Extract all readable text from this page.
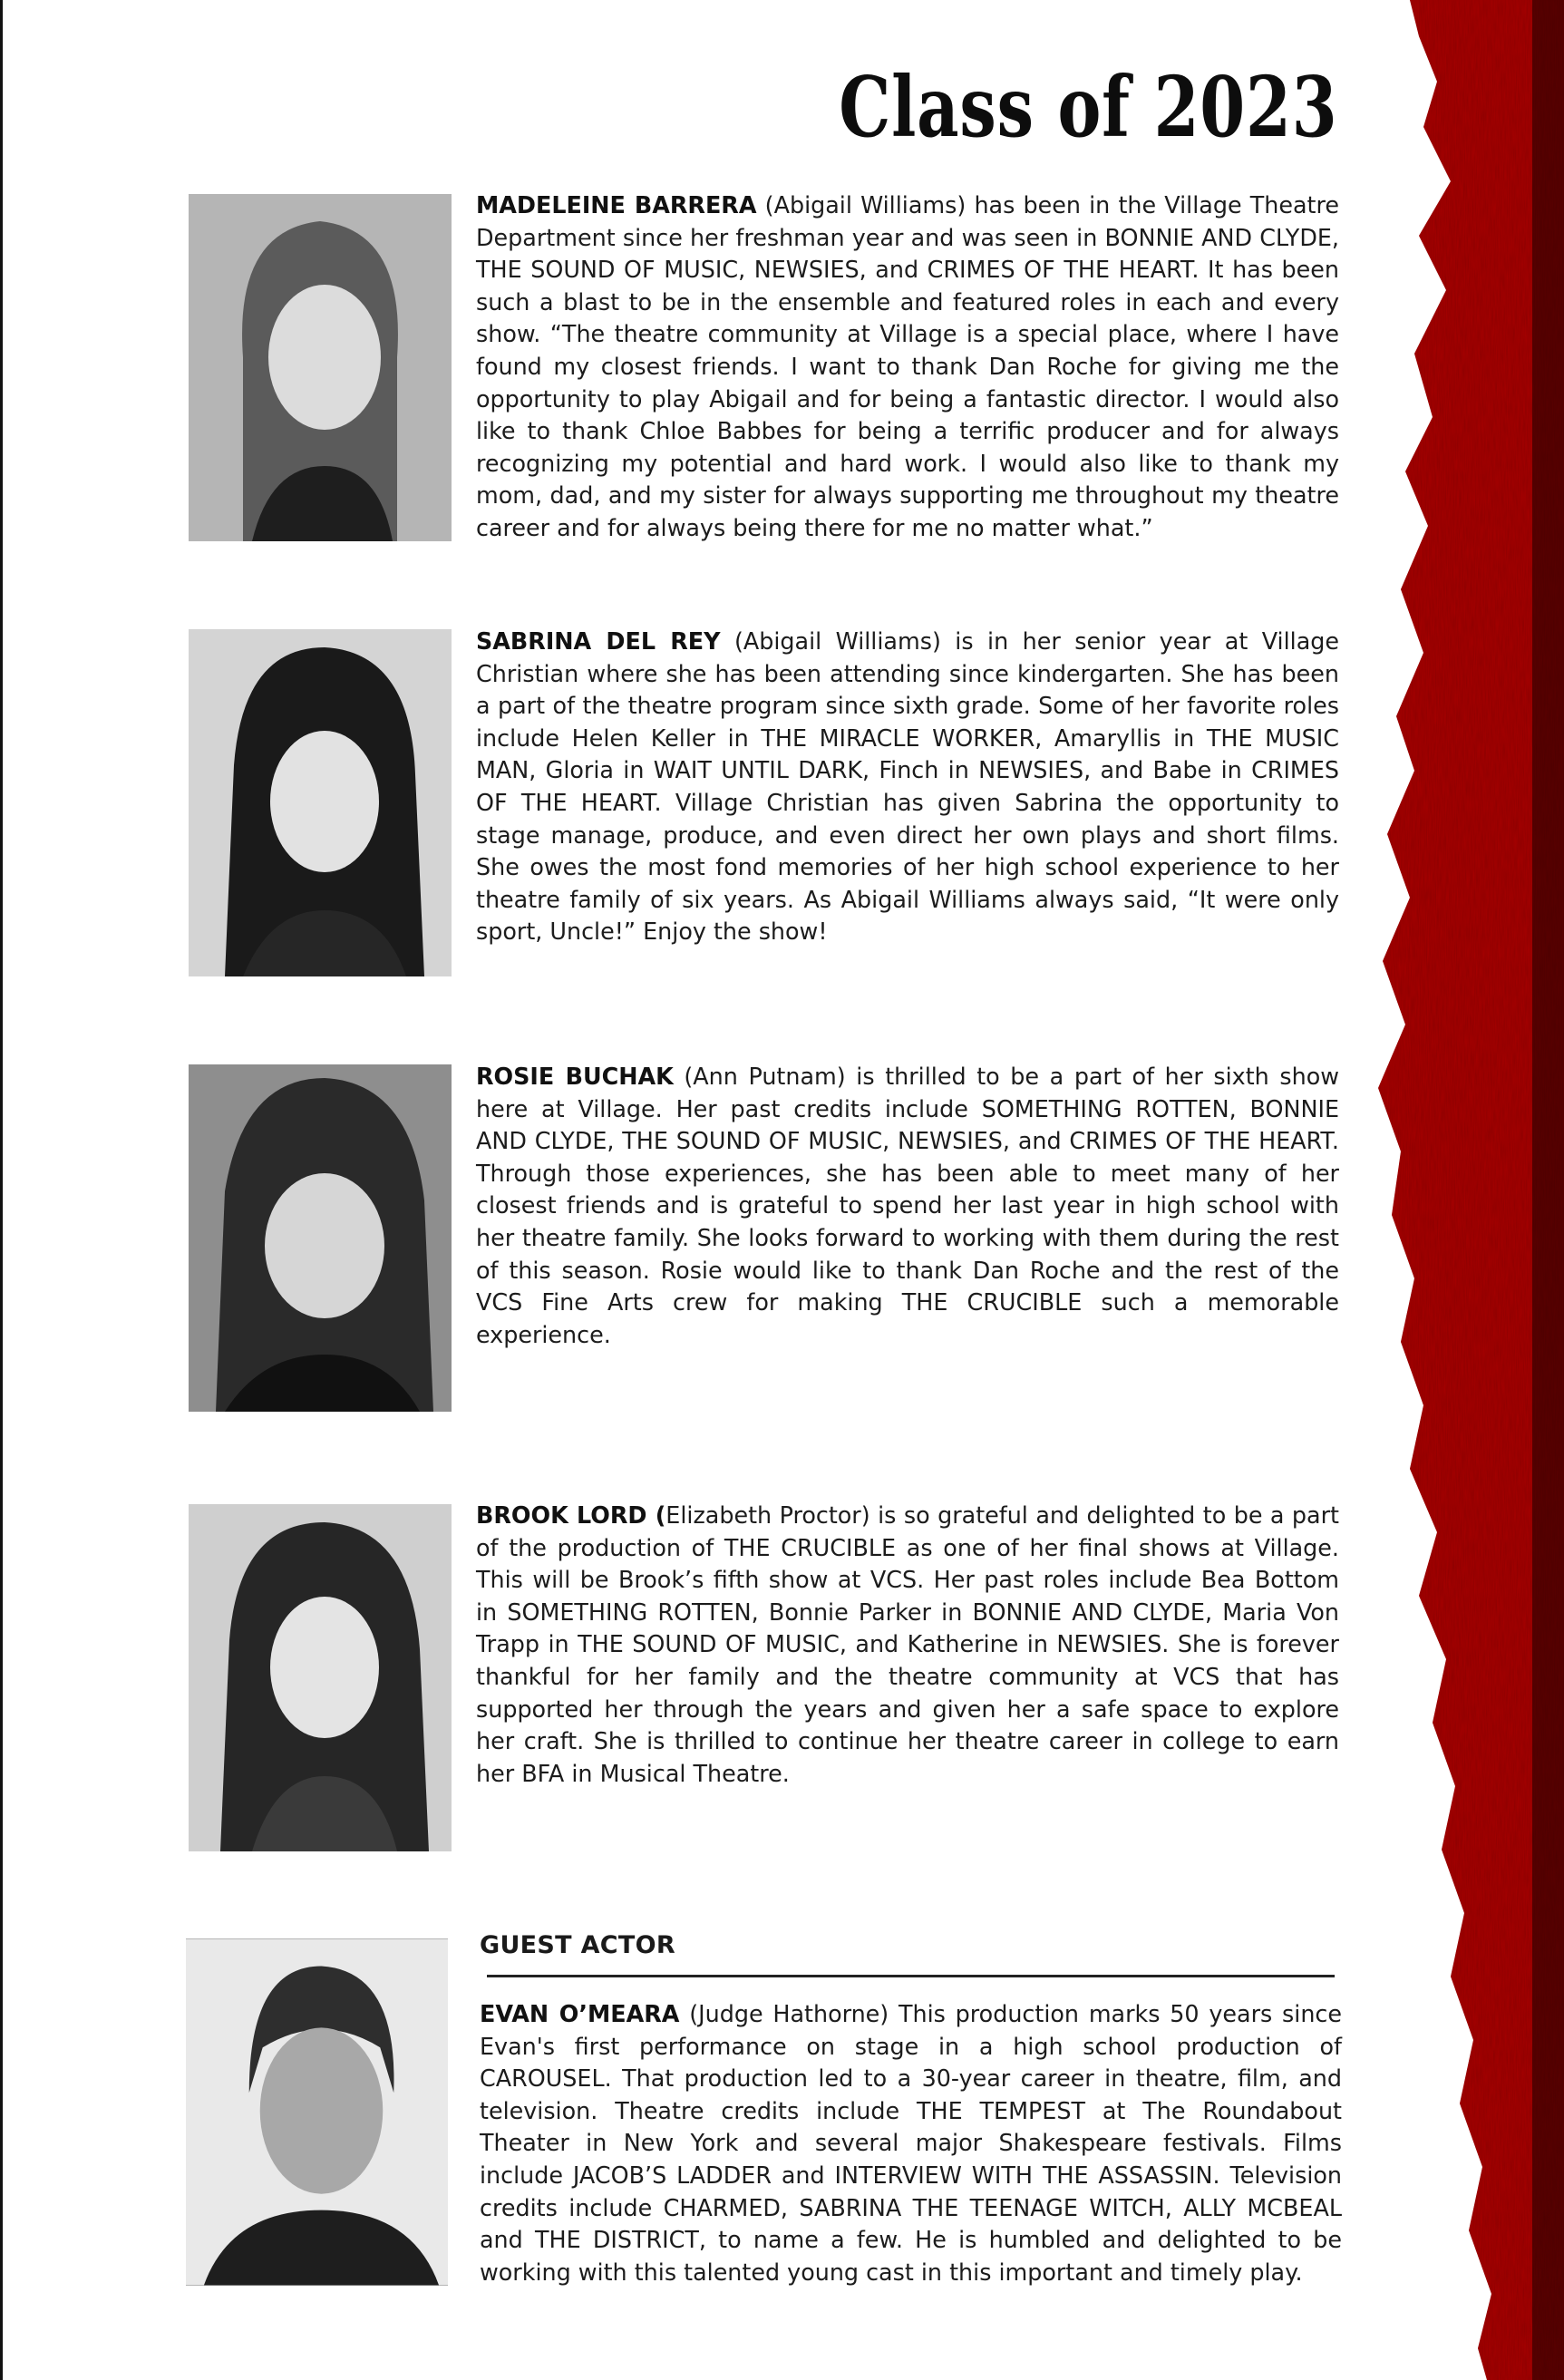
Class of 2023

MADELEINE BARRERA (Abigail Williams) has been in the Village Theatre Department since her freshman year and was seen in BONNIE AND CLYDE, THE SOUND OF MUSIC, NEWSIES, and CRIMES OF THE HEART. It has been such a blast to be in the ensemble and featured roles in each and every show. “The theatre community at Village is a special place, where I have found my closest friends. I want to thank Dan Roche for giving me the opportunity to play Abigail and for being a fantastic director. I would also like to thank Chloe Babbes for being a terrific producer and for always recognizing my potential and hard work. I would also like to thank my mom, dad, and my sister for always supporting me throughout my theatre career and for always being there for me no matter what.”

SABRINA DEL REY (Abigail Williams) is in her senior year at Village Christian where she has been attending since kindergarten. She has been a part of the theatre program since sixth grade. Some of her favorite roles include Helen Keller in THE MIRACLE WORKER, Amaryllis in THE MUSIC MAN, Gloria in WAIT UNTIL DARK, Finch in NEWSIES, and Babe in CRIMES OF THE HEART. Village Christian has given Sabrina the opportunity to stage manage, produce, and even direct her own plays and short films. She owes the most fond memories of her high school experience to her theatre family of six years. As Abigail Williams always said, “It were only sport, Uncle!” Enjoy the show!

ROSIE BUCHAK (Ann Putnam) is thrilled to be a part of her sixth show here at Village. Her past credits include SOMETHING ROTTEN, BONNIE AND CLYDE, THE SOUND OF MUSIC, NEWSIES, and CRIMES OF THE HEART. Through those experiences, she has been able to meet many of her closest friends and is grateful to spend her last year in high school with her theatre family. She looks forward to working with them during the rest of this season. Rosie would like to thank Dan Roche and the rest of the VCS Fine Arts crew for making THE CRUCIBLE such a memorable experience.

BROOK LORD (Elizabeth Proctor) is so grateful and delighted to be a part of the production of THE CRUCIBLE as one of her final shows at Village. This will be Brook’s fifth show at VCS. Her past roles include Bea Bottom in SOMETHING ROTTEN, Bonnie Parker in BONNIE AND CLYDE, Maria Von Trapp in THE SOUND OF MUSIC, and Katherine in NEWSIES. She is forever thankful for her family and the theatre community at VCS that has supported her through the years and given her a safe space to explore her craft. She is thrilled to continue her theatre career in college to earn her BFA in Musical Theatre.

GUEST ACTOR

EVAN O’MEARA (Judge Hathorne) This production marks 50 years since Evan's first performance on stage in a high school production of CAROUSEL. That production led to a 30-year career in theatre, film, and television. Theatre credits include THE TEMPEST at The Roundabout Theater in New York and several major Shakespeare festivals. Films include JACOB’S LADDER and INTERVIEW WITH THE ASSASSIN. Television credits include CHARMED, SABRINA THE TEENAGE WITCH, ALLY MCBEAL and THE DISTRICT, to name a few. He is humbled and delighted to be working with this talented young cast in this important and timely play.
